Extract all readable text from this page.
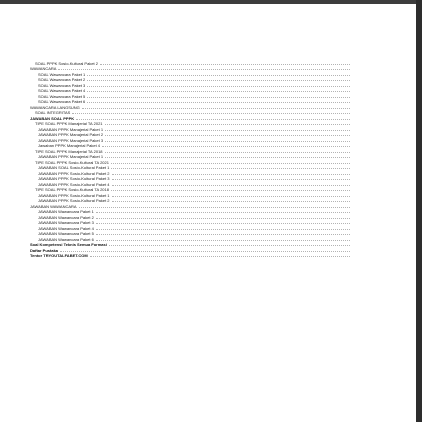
SOAL PPPK Sosio-Kultural Paket 2
WAWANCARA
SOAL Wawancara Paket 1
SOAL Wawancara Paket 2
SOAL Wawancara Paket 3
SOAL Wawancara Paket 4
SOAL Wawancara Paket 5
SOAL Wawancara Paket 6
WAWANCARA LANGSUNG
SOAL INTEGRITAS
JAWABAN SOAL PPPK
TIPE SOAL PPPK Manajerial TA 2021
JAWABAN PPPK Manajerial Paket 1
JAWABAN PPPK Manajerial Paket 2
JAWABAN PPPK Manajerial Paket 3
Jawaban PPPK Manajerial Paket 4
TIPE SOAL PPPK Manajerial TA 2018
JAWABAN PPPK Manajerial Paket 1
TIPE SOAL PPPK Sosio-Kultural TA 2021
JAWABAN SOAL Sosio-Kultural Paket 1
JAWABAN PPPK Sosio-Kultural Paket 2
JAWABAN PPPK Sosio-Kultural Paket 3
JAWABAN PPPK Sosio-Kultural Paket 4
TIPE SOAL PPPK Sosio-Kultural TA 2018
JAWABAN PPPK Sosio-Kultural Paket 1
JAWABAN PPPK Sosio-Kultural Paket 2
JAWABAN WAWANCARA
JAWABAN Wawancara Paket 1
JAWABAN Wawancara Paket 2
JAWABAN Wawancara Paket 3
JAWABAN Wawancara Paket 4
JAWABAN Wawancara Paket 5
JAWABAN Wawancara Paket 6
Soal Kompetensi Teknis Semua Formasi
Daftar Pustaka
Tentor TRYOUTALFABET.COM
